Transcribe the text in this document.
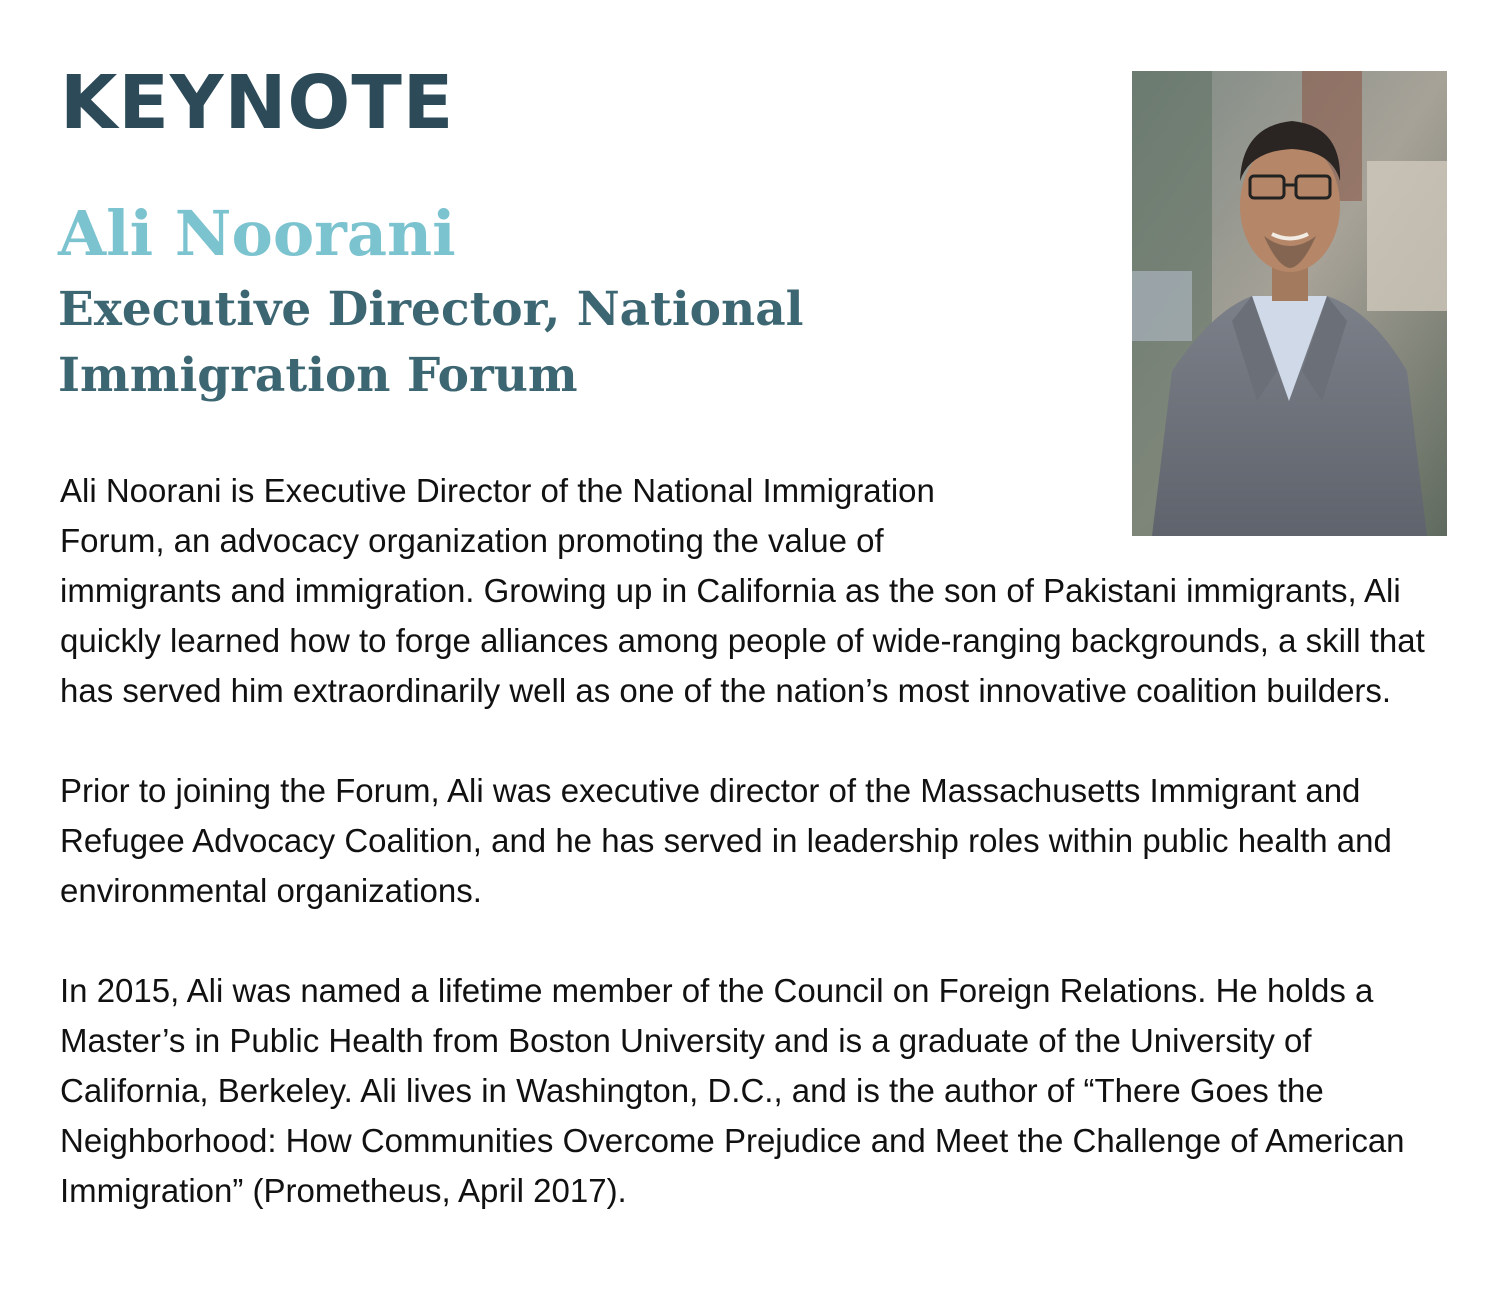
KEYNOTE
Ali Noorani
Executive Director, National Immigration Forum

Ali Noorani is Executive Director of the National Immigration Forum, an advocacy organization promoting the value of immigrants and immigration. Growing up in California as the son of Pakistani immigrants, Ali quickly learned how to forge alliances among people of wide-ranging backgrounds, a skill that has served him extraordinarily well as one of the nation’s most innovative coalition builders.

Prior to joining the Forum, Ali was executive director of the Massachusetts Immigrant and Refugee Advocacy Coalition, and he has served in leadership roles within public health and environmental organizations.

In 2015, Ali was named a lifetime member of the Council on Foreign Relations. He holds a Master’s in Public Health from Boston University and is a graduate of the University of California, Berkeley. Ali lives in Washington, D.C., and is the author of “There Goes the Neighborhood: How Communities Overcome Prejudice and Meet the Challenge of American Immigration” (Prometheus, April 2017).
